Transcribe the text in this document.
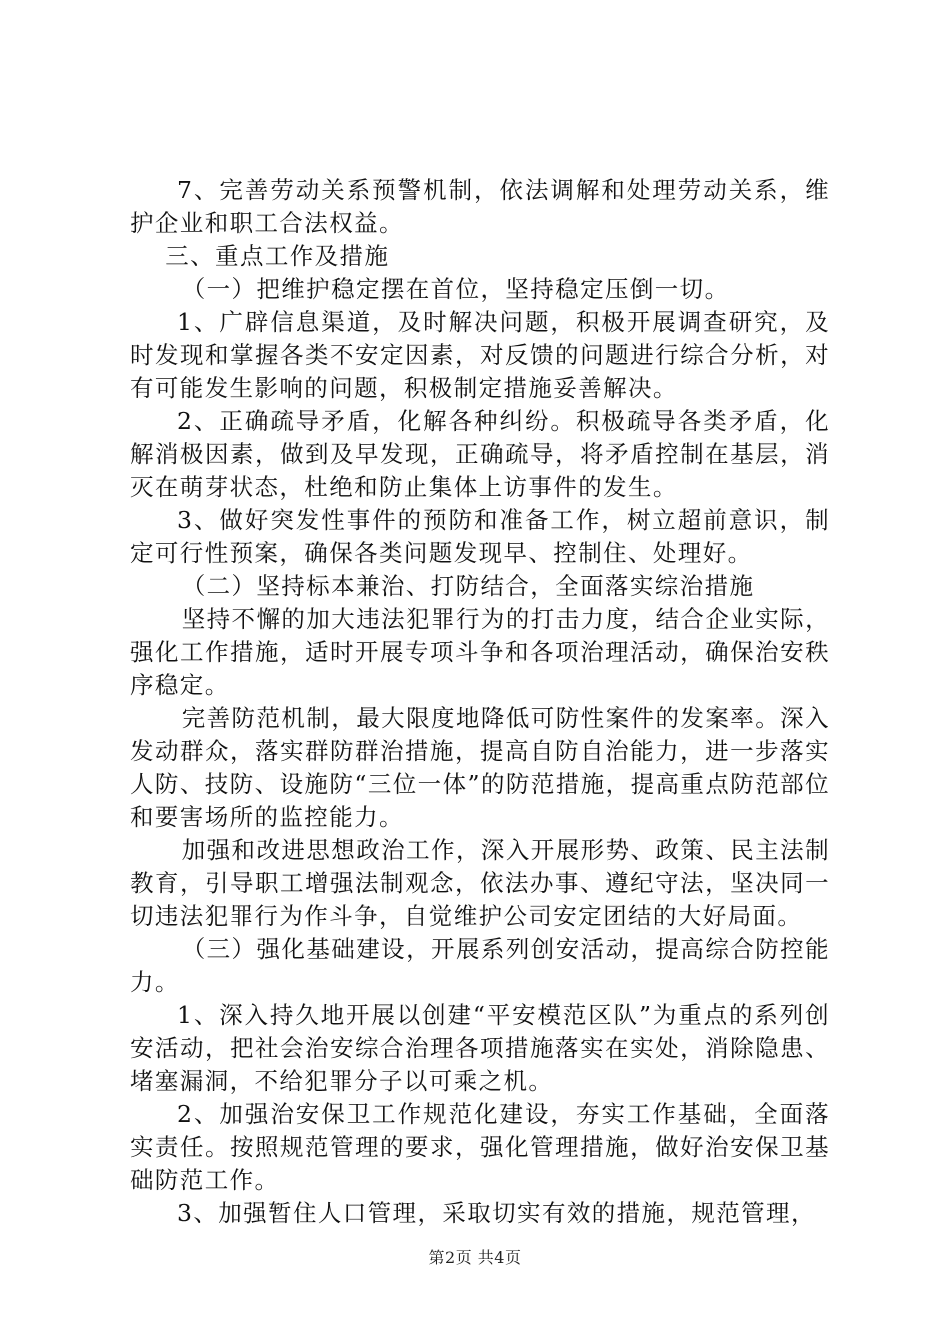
7、完善劳动关系预警机制，依法调解和处理劳动关系，维护企业和职工合法权益。

三、重点工作及措施

（一）把维护稳定摆在首位，坚持稳定压倒一切。

1、广辟信息渠道，及时解决问题，积极开展调查研究，及时发现和掌握各类不安定因素，对反馈的问题进行综合分析，对有可能发生影响的问题，积极制定措施妥善解决。

2、正确疏导矛盾，化解各种纠纷。积极疏导各类矛盾，化解消极因素，做到及早发现，正确疏导，将矛盾控制在基层，消灭在萌芽状态，杜绝和防止集体上访事件的发生。

3、做好突发性事件的预防和准备工作，树立超前意识，制定可行性预案，确保各类问题发现早、控制住、处理好。

（二）坚持标本兼治、打防结合，全面落实综治措施

坚持不懈的加大违法犯罪行为的打击力度，结合企业实际，强化工作措施，适时开展专项斗争和各项治理活动，确保治安秩序稳定。

完善防范机制，最大限度地降低可防性案件的发案率。深入发动群众，落实群防群治措施，提高自防自治能力，进一步落实人防、技防、设施防“三位一体”的防范措施，提高重点防范部位和要害场所的监控能力。

加强和改进思想政治工作，深入开展形势、政策、民主法制教育，引导职工增强法制观念，依法办事、遵纪守法，坚决同一切违法犯罪行为作斗争，自觉维护公司安定团结的大好局面。

（三）强化基础建设，开展系列创安活动，提高综合防控能力。

1、深入持久地开展以创建“平安模范区队”为重点的系列创安活动，把社会治安综合治理各项措施落实在实处，消除隐患、堵塞漏洞，不给犯罪分子以可乘之机。

2、加强治安保卫工作规范化建设，夯实工作基础，全面落实责任。按照规范管理的要求，强化管理措施，做好治安保卫基础防范工作。

3、加强暂住人口管理，采取切实有效的措施，规范管理，

第2页 共4页
